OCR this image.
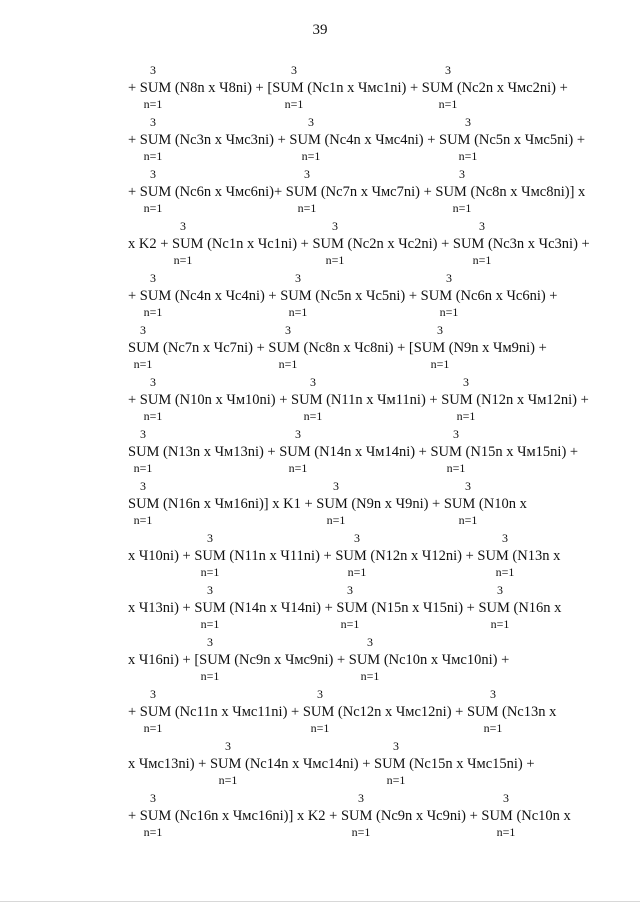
39
+ SUM (N8n x Ч8ni) + [SUM (Nc1n x Чмc1ni) + SUM (Nc2n x Чмc2ni) +
3
n=1
3
n=1
3
n=1
+ SUM (Nc3n x Чмc3ni) + SUM (Nc4n x Чмc4ni) + SUM (Nc5n x Чмc5ni) +
3
n=1
3
n=1
3
n=1
+ SUM (Nc6n x Чмc6ni)+ SUM (Nc7n x Чмc7ni) + SUM (Nc8n x Чмc8ni)] x
3
n=1
3
n=1
3
n=1
x K2 + SUM (Nc1n x Чc1ni) + SUM (Nc2n x Чc2ni) + SUM (Nc3n x Чc3ni) +
3
n=1
3
n=1
3
n=1
+ SUM (Nc4n x Чc4ni) + SUM (Nc5n x Чc5ni) + SUM (Nc6n x Чc6ni) +
3
n=1
3
n=1
3
n=1
SUM (Nc7n x Чc7ni) + SUM (Nc8n x Чc8ni) + [SUM (N9n x Чм9ni) +
3
n=1
3
n=1
3
n=1
+ SUM (N10n x Чм10ni) + SUM (N11n x Чм11ni) + SUM (N12n x Чм12ni) +
3
n=1
3
n=1
3
n=1
SUM (N13n x Чм13ni) + SUM (N14n x Чм14ni) + SUM (N15n x Чм15ni) +
3
n=1
3
n=1
3
n=1
SUM (N16n x Чм16ni)] x K1 + SUM (N9n x Ч9ni) + SUM (N10n x
3
n=1
3
n=1
3
n=1
x Ч10ni) + SUM (N11n x Ч11ni) + SUM (N12n x Ч12ni) + SUM (N13n x
3
n=1
3
n=1
3
n=1
x Ч13ni) + SUM (N14n x Ч14ni) + SUM (N15n x Ч15ni) + SUM (N16n x
3
n=1
3
n=1
3
n=1
x Ч16ni) + [SUM (Nc9n x Чмc9ni) + SUM (Nc10n x Чмc10ni) +
3
n=1
3
n=1
+ SUM (Nc11n x Чмc11ni) + SUM (Nc12n x Чмc12ni) + SUM (Nc13n x
3
n=1
3
n=1
3
n=1
x Чмc13ni) + SUM (Nc14n x Чмc14ni) + SUM (Nc15n x Чмc15ni) +
3
n=1
3
n=1
+ SUM (Nc16n x Чмc16ni)] x K2 + SUM (Nc9n x Чc9ni) + SUM (Nc10n x
3
n=1
3
n=1
3
n=1
